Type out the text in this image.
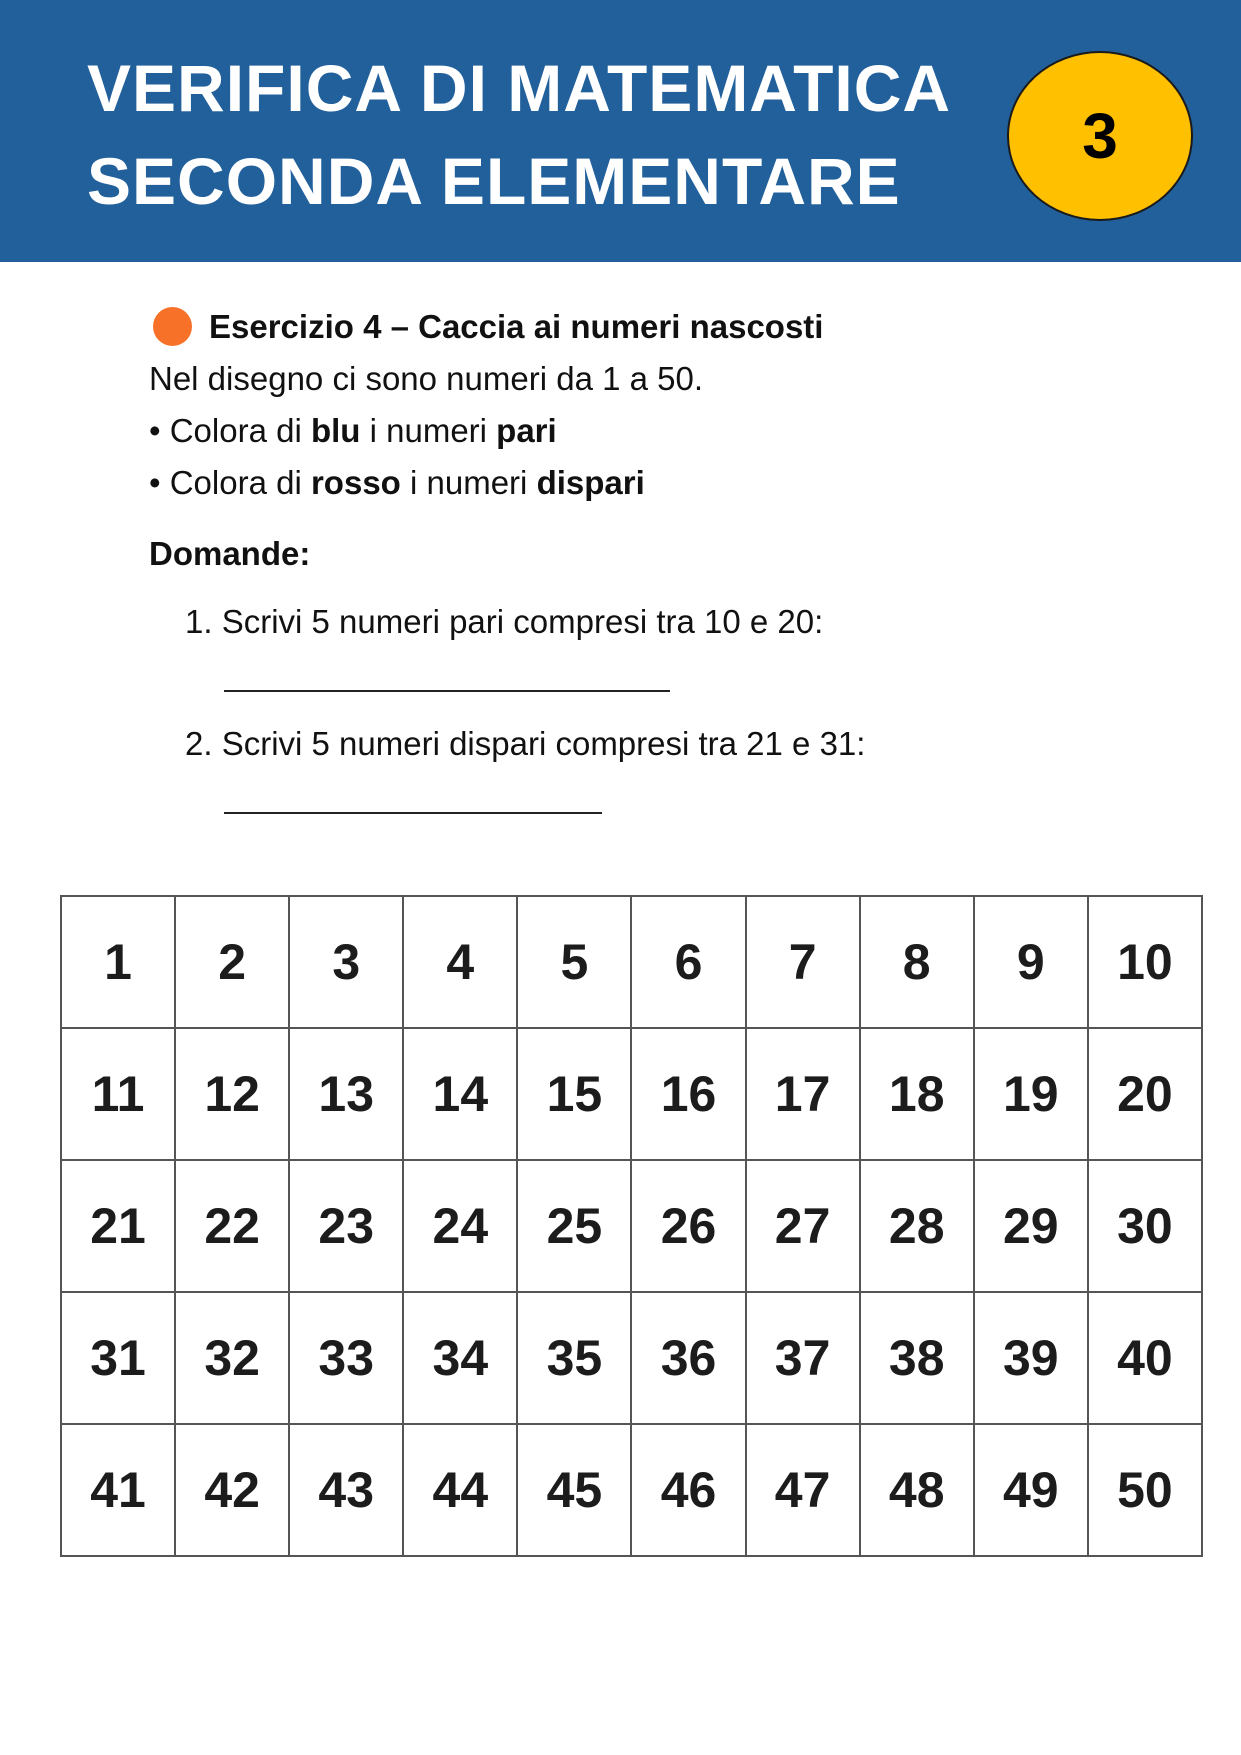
VERIFICA DI MATEMATICA
SECONDA ELEMENTARE
3
Esercizio 4 – Caccia ai numeri nascosti
Nel disegno ci sono numeri da 1 a 50.
• Colora di blu i numeri pari
• Colora di rosso i numeri dispari
Domande:
1. Scrivi 5 numeri pari compresi tra 10 e 20:
2. Scrivi 5 numeri dispari compresi tra 21 e 31:
1	2	3	4	5	6	7	8	9	10
11	12	13	14	15	16	17	18	19	20
21	22	23	24	25	26	27	28	29	30
31	32	33	34	35	36	37	38	39	40
41	42	43	44	45	46	47	48	49	50
